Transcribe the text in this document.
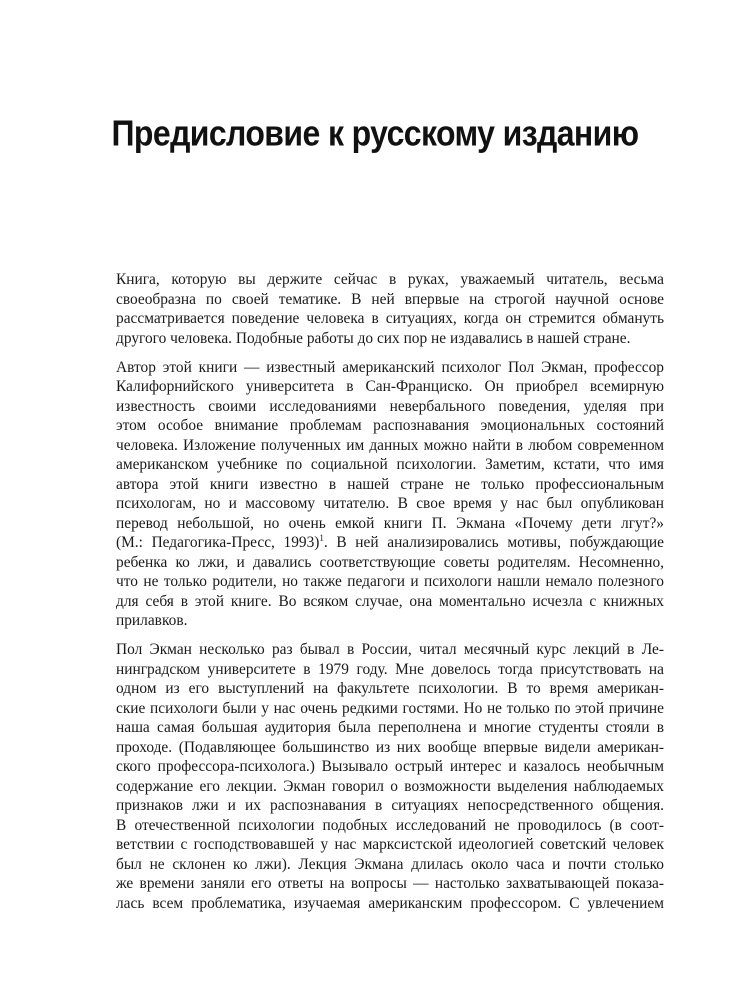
Предисловие к русскому изданию

Книга, которую вы держите сейчас в руках, уважаемый читатель, весьма
своеобразна по своей тематике. В ней впервые на строгой научной основе
рассматривается поведение человека в ситуациях, когда он стремится обмануть
другого человека. Подобные работы до сих пор не издавались в нашей стране.

Автор этой книги — известный американский психолог Пол Экман, профессор
Калифорнийского университета в Сан-Франциско. Он приобрел всемирную
известность своими исследованиями невербального поведения, уделяя при
этом особое внимание проблемам распознавания эмоциональных состояний
человека. Изложение полученных им данных можно найти в любом современном
американском учебнике по социальной психологии. Заметим, кстати, что имя
автора этой книги известно в нашей стране не только профессиональным
психологам, но и массовому читателю. В свое время у нас был опубликован
перевод небольшой, но очень емкой книги П. Экмана «Почему дети лгут?»
(М.: Педагогика-Пресс, 1993)$^1$. В ней анализировались мотивы, побуждающие
ребенка ко лжи, и давались соответствующие советы родителям. Несомненно,
что не только родители, но также педагоги и психологи нашли немало полезного
для себя в этой книге. Во всяком случае, она моментально исчезла с книжных
прилавков.

Пол Экман несколько раз бывал в России, читал месячный курс лекций в Ле-
нинградском университете в 1979 году. Мне довелось тогда присутствовать на
одном из его выступлений на факультете психологии. В то время американ-
ские психологи были у нас очень редкими гостями. Но не только по этой причине
наша самая большая аудитория была переполнена и многие студенты стояли в
проходе. (Подавляющее большинство из них вообще впервые видели американ-
ского профессора-психолога.) Вызывало острый интерес и казалось необычным
содержание его лекции. Экман говорил о возможности выделения наблюдаемых
признаков лжи и их распознавания в ситуациях непосредственного общения.
В отечественной психологии подобных исследований не проводилось (в соот-
ветствии с господствовавшей у нас марксистской идеологией советский человек
был не склонен ко лжи). Лекция Экмана длилась около часа и почти столько
же времени заняли его ответы на вопросы — настолько захватывающей показа-
лась всем проблематика, изучаемая американским профессором. С увлечением
